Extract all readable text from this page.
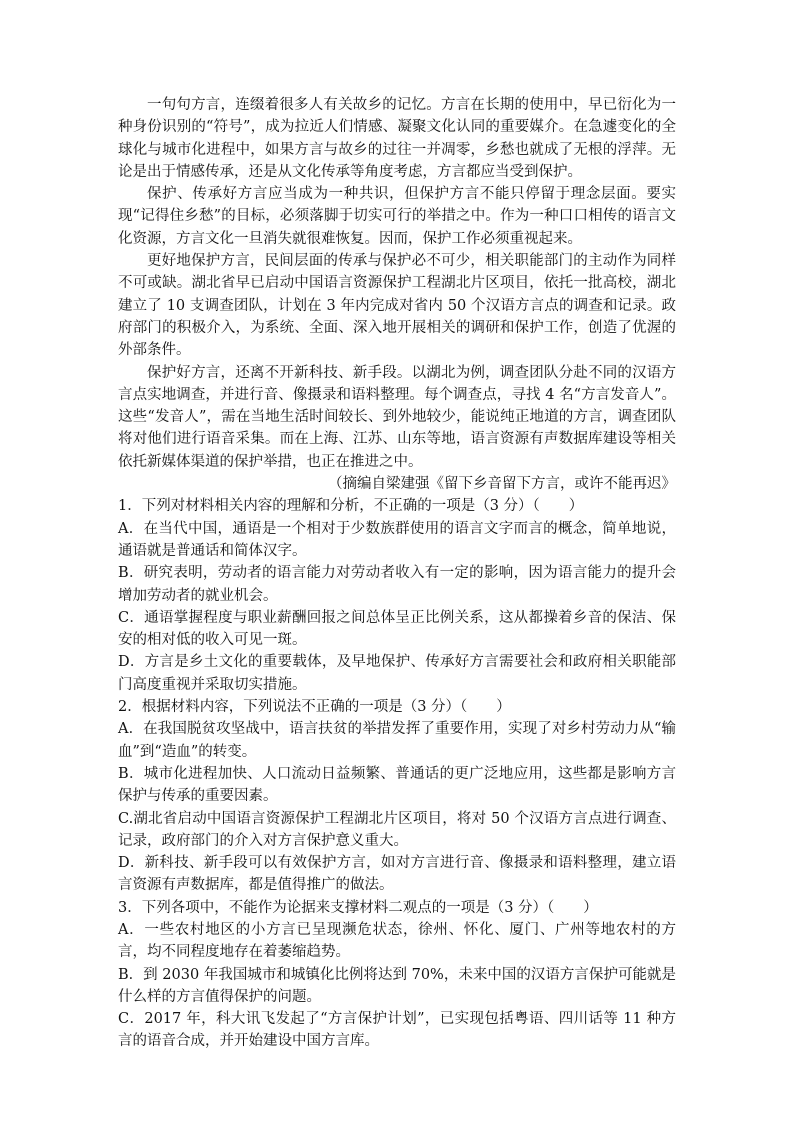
一句句方言，连缀着很多人有关故乡的记忆。方言在长期的使用中，早已衍化为一种身份识别的“符号”，成为拉近人们情感、凝聚文化认同的重要媒介。在急遽变化的全球化与城市化进程中，如果方言与故乡的过往一并凋零，乡愁也就成了无根的浮萍。无论是出于情感传承，还是从文化传承等角度考虑，方言都应当受到保护。

保护、传承好方言应当成为一种共识，但保护方言不能只停留于理念层面。要实现“记得住乡愁”的目标，必须落脚于切实可行的举措之中。作为一种口口相传的语言文化资源，方言文化一旦消失就很难恢复。因而，保护工作必须重视起来。

更好地保护方言，民间层面的传承与保护必不可少，相关职能部门的主动作为同样不可或缺。湖北省早已启动中国语言资源保护工程湖北片区项目，依托一批高校，湖北建立了 10 支调查团队，计划在 3 年内完成对省内 50 个汉语方言点的调查和记录。政府部门的积极介入，为系统、全面、深入地开展相关的调研和保护工作，创造了优渥的外部条件。

保护好方言，还离不开新科技、新手段。以湖北为例，调查团队分赴不同的汉语方言点实地调查，并进行音、像摄录和语料整理。每个调查点，寻找 4 名“方言发音人”。这些“发音人”，需在当地生活时间较长、到外地较少，能说纯正地道的方言，调查团队将对他们进行语音采集。而在上海、江苏、山东等地，语言资源有声数据库建设等相关依托新媒体渠道的保护举措，也正在推进之中。

（摘编自梁建强《留下乡音留下方言，或许不能再迟》

1．下列对材料相关内容的理解和分析，不正确的一项是（3 分）（　　）

A．在当代中国，通语是一个相对于少数族群使用的语言文字而言的概念，简单地说，通语就是普通话和简体汉字。

B．研究表明，劳动者的语言能力对劳动者收入有一定的影响，因为语言能力的提升会增加劳动者的就业机会。

C．通语掌握程度与职业薪酬回报之间总体呈正比例关系，这从都操着乡音的保洁、保安的相对低的收入可见一斑。

D．方言是乡土文化的重要载体，及早地保护、传承好方言需要社会和政府相关职能部门高度重视并采取切实措施。

2．根据材料内容，下列说法不正确的一项是（3 分）（　　）

A．在我国脱贫攻坚战中，语言扶贫的举措发挥了重要作用，实现了对乡村劳动力从“输血”到“造血”的转变。

B．城市化进程加快、人口流动日益频繁、普通话的更广泛地应用，这些都是影响方言保护与传承的重要因素。

C.湖北省启动中国语言资源保护工程湖北片区项目，将对 50 个汉语方言点进行调查、记录，政府部门的介入对方言保护意义重大。

D．新科技、新手段可以有效保护方言，如对方言进行音、像摄录和语料整理，建立语言资源有声数据库，都是值得推广的做法。

3．下列各项中，不能作为论据来支撑材料二观点的一项是（3 分）（　　）

A．一些农村地区的小方言已呈现濒危状态，徐州、怀化、厦门、广州等地农村的方言，均不同程度地存在着萎缩趋势。

B．到 2030 年我国城市和城镇化比例将达到 70%，未来中国的汉语方言保护可能就是什么样的方言值得保护的问题。

C．2017 年，科大讯飞发起了“方言保护计划”，已实现包括粤语、四川话等 11 种方言的语音合成，并开始建设中国方言库。
